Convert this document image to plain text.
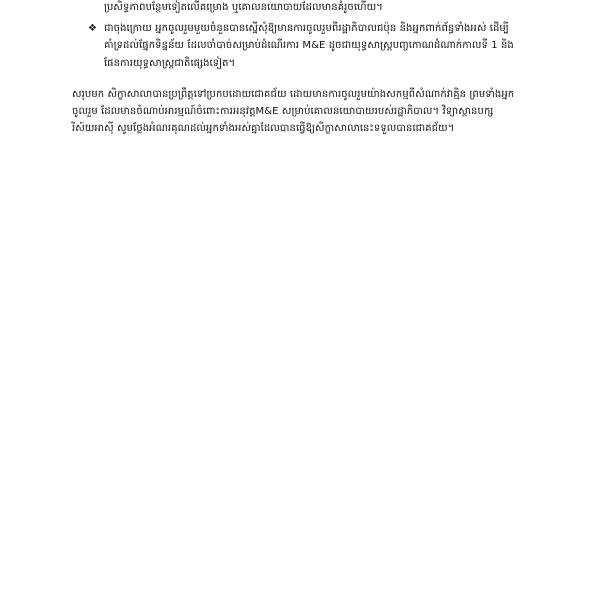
ប្រសិទ្ធភាពបន្ថែមទៀតលើគម្រោង ឬគោលនយោបាយដែលមានគំរូចហើយ។
❖ ជាចុងក្រោយ អ្នកចូលរួមមួយចំនួនបានស្នើសុំឱ្យមានការចូលរួមពីរដ្ឋាភិបាលជប៉ុន និងអ្នកពាក់ព័ន្ធទាំងអស់ ដើម្បី
គាំទ្រដល់ផ្នែកទិន្នន័យ ដែលចាំបាច់សម្រាប់ដំណើរការ M&E ដូចជាយុទ្ធសាស្ត្របញ្ចកោណដំណាក់កាលទី 1 និង
ផែនការយុទ្ធសាស្ត្រជាតិផ្សេងទៀត។
សរុបមក សិក្ខាសាលាបានប្រព្រឹត្តទៅប្រកបដោយជោគជ័យ ដោយមានការចូលរួមយ៉ាងសកម្មពីសំណាក់វាគ្មិន ព្រមទាំងអ្នក
ចូលរួម ដែលមានចំណាប់អារម្មណ៍ចំពោះការអនុវត្តM&E សម្រាប់គោលនយោបាយរបស់រដ្ឋាភិបាល។ វិទ្យាស្ថានបក្ស
រិស៍យអាស៊ី សូមថ្លែងអំណរគុណដល់អ្នកទាំងអស់គ្នាដែលបានធ្វើឱ្យសិក្ខាសាលានេះទទួលបានជោគជ័យ។
